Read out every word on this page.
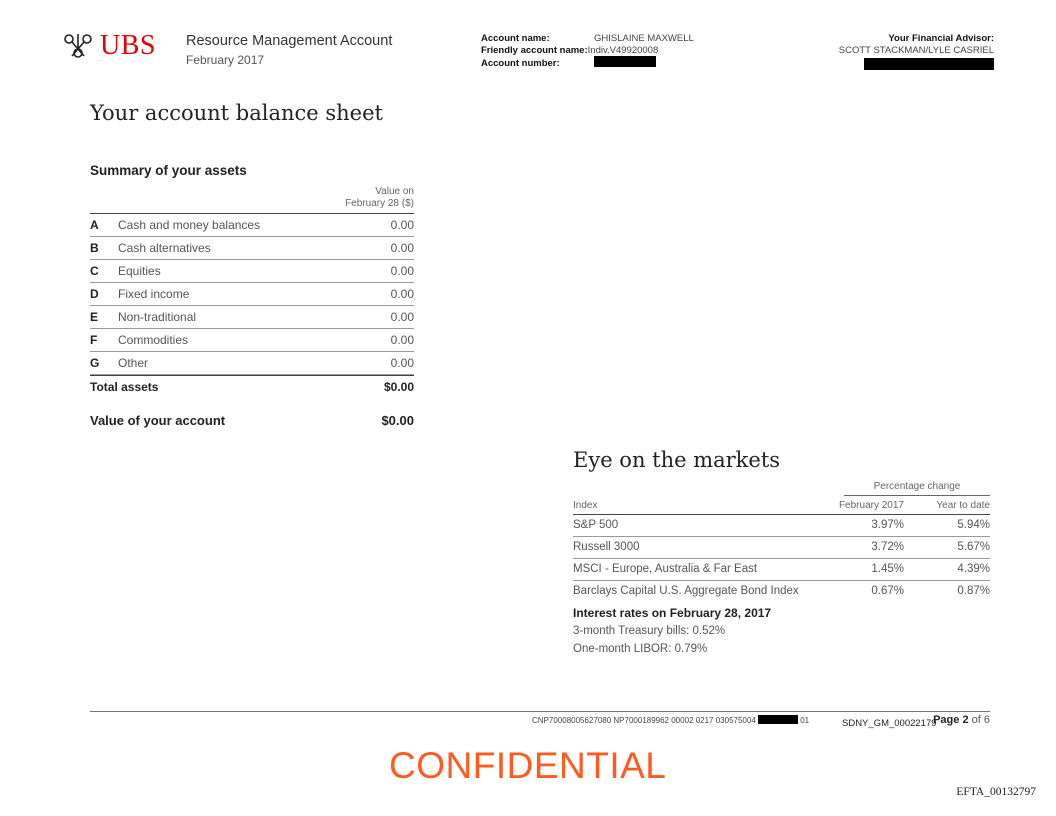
UBS Resource Management Account
February 2017
Account name:	GHISLAINE MAXWELL
Friendly account name:Indiv.V49920008
Account number:
Your Financial Advisor:
SCOTT STACKMAN/LYLE CASRIEL
Your account balance sheet
Summary of your assets
Value on
February 28 ($)
A	Cash and money balances	0.00
B	Cash alternatives	0.00
C	Equities	0.00
D	Fixed income	0.00
E	Non-traditional	0.00
F	Commodities	0.00
G	Other	0.00
Total assets	$0.00
Value of your account	$0.00
Eye on the markets
Percentage change
Index	February 2017	Year to date
S&P 500	3.97%	5.94%
Russell 3000	3.72%	5.67%
MSCI - Europe, Australia & Far East	1.45%	4.39%
Barclays Capital U.S. Aggregate Bond Index	0.67%	0.87%
Interest rates on February 28, 2017
3-month Treasury bills: 0.52%
One-month LIBOR: 0.79%
CNP70008005627080 NP7000189962 00002 0217 030575004	01	SDNY_GM_00022179
Page 2 of 6
CONFIDENTIAL
EFTA_00132797
